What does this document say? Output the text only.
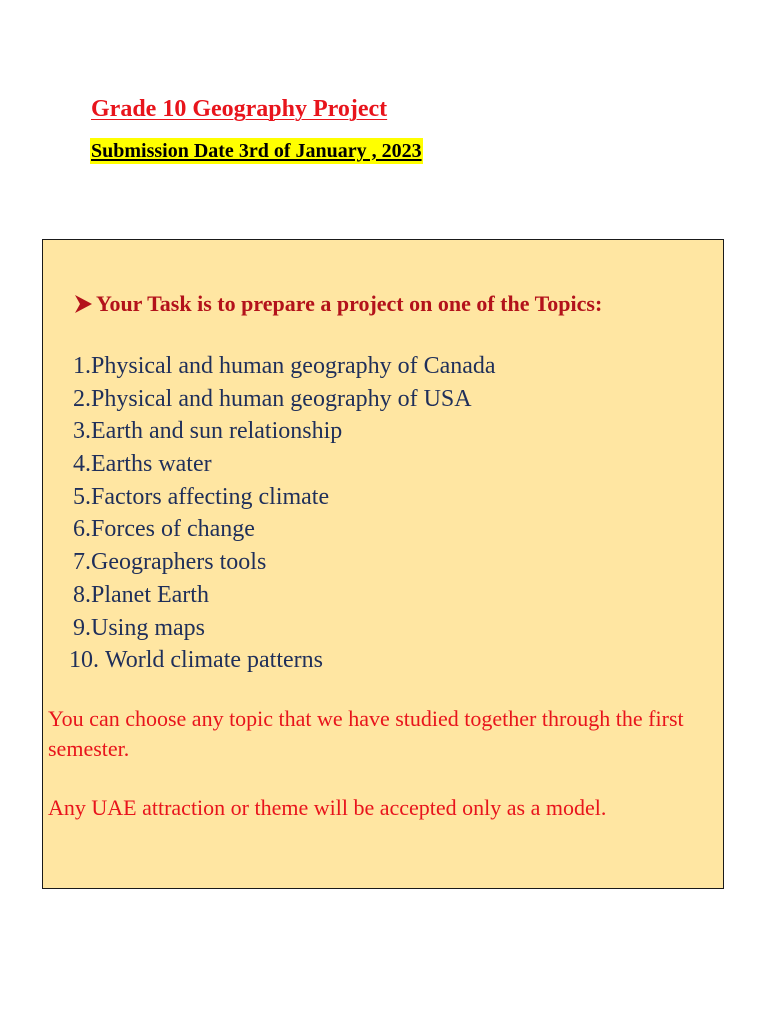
Grade 10 Geography Project
Submission Date 3rd of January , 2023
Your Task is to prepare a project on one of the Topics:
1. Physical and human geography of Canada
2. Physical and human geography of USA
3. Earth and sun relationship
4. Earths water
5. Factors affecting climate
6. Forces of change
7. Geographers tools
8. Planet Earth
9. Using maps
10. World climate patterns

You can choose any topic that we have studied together through the first semester.

Any UAE attraction or theme will be accepted only as a model.
